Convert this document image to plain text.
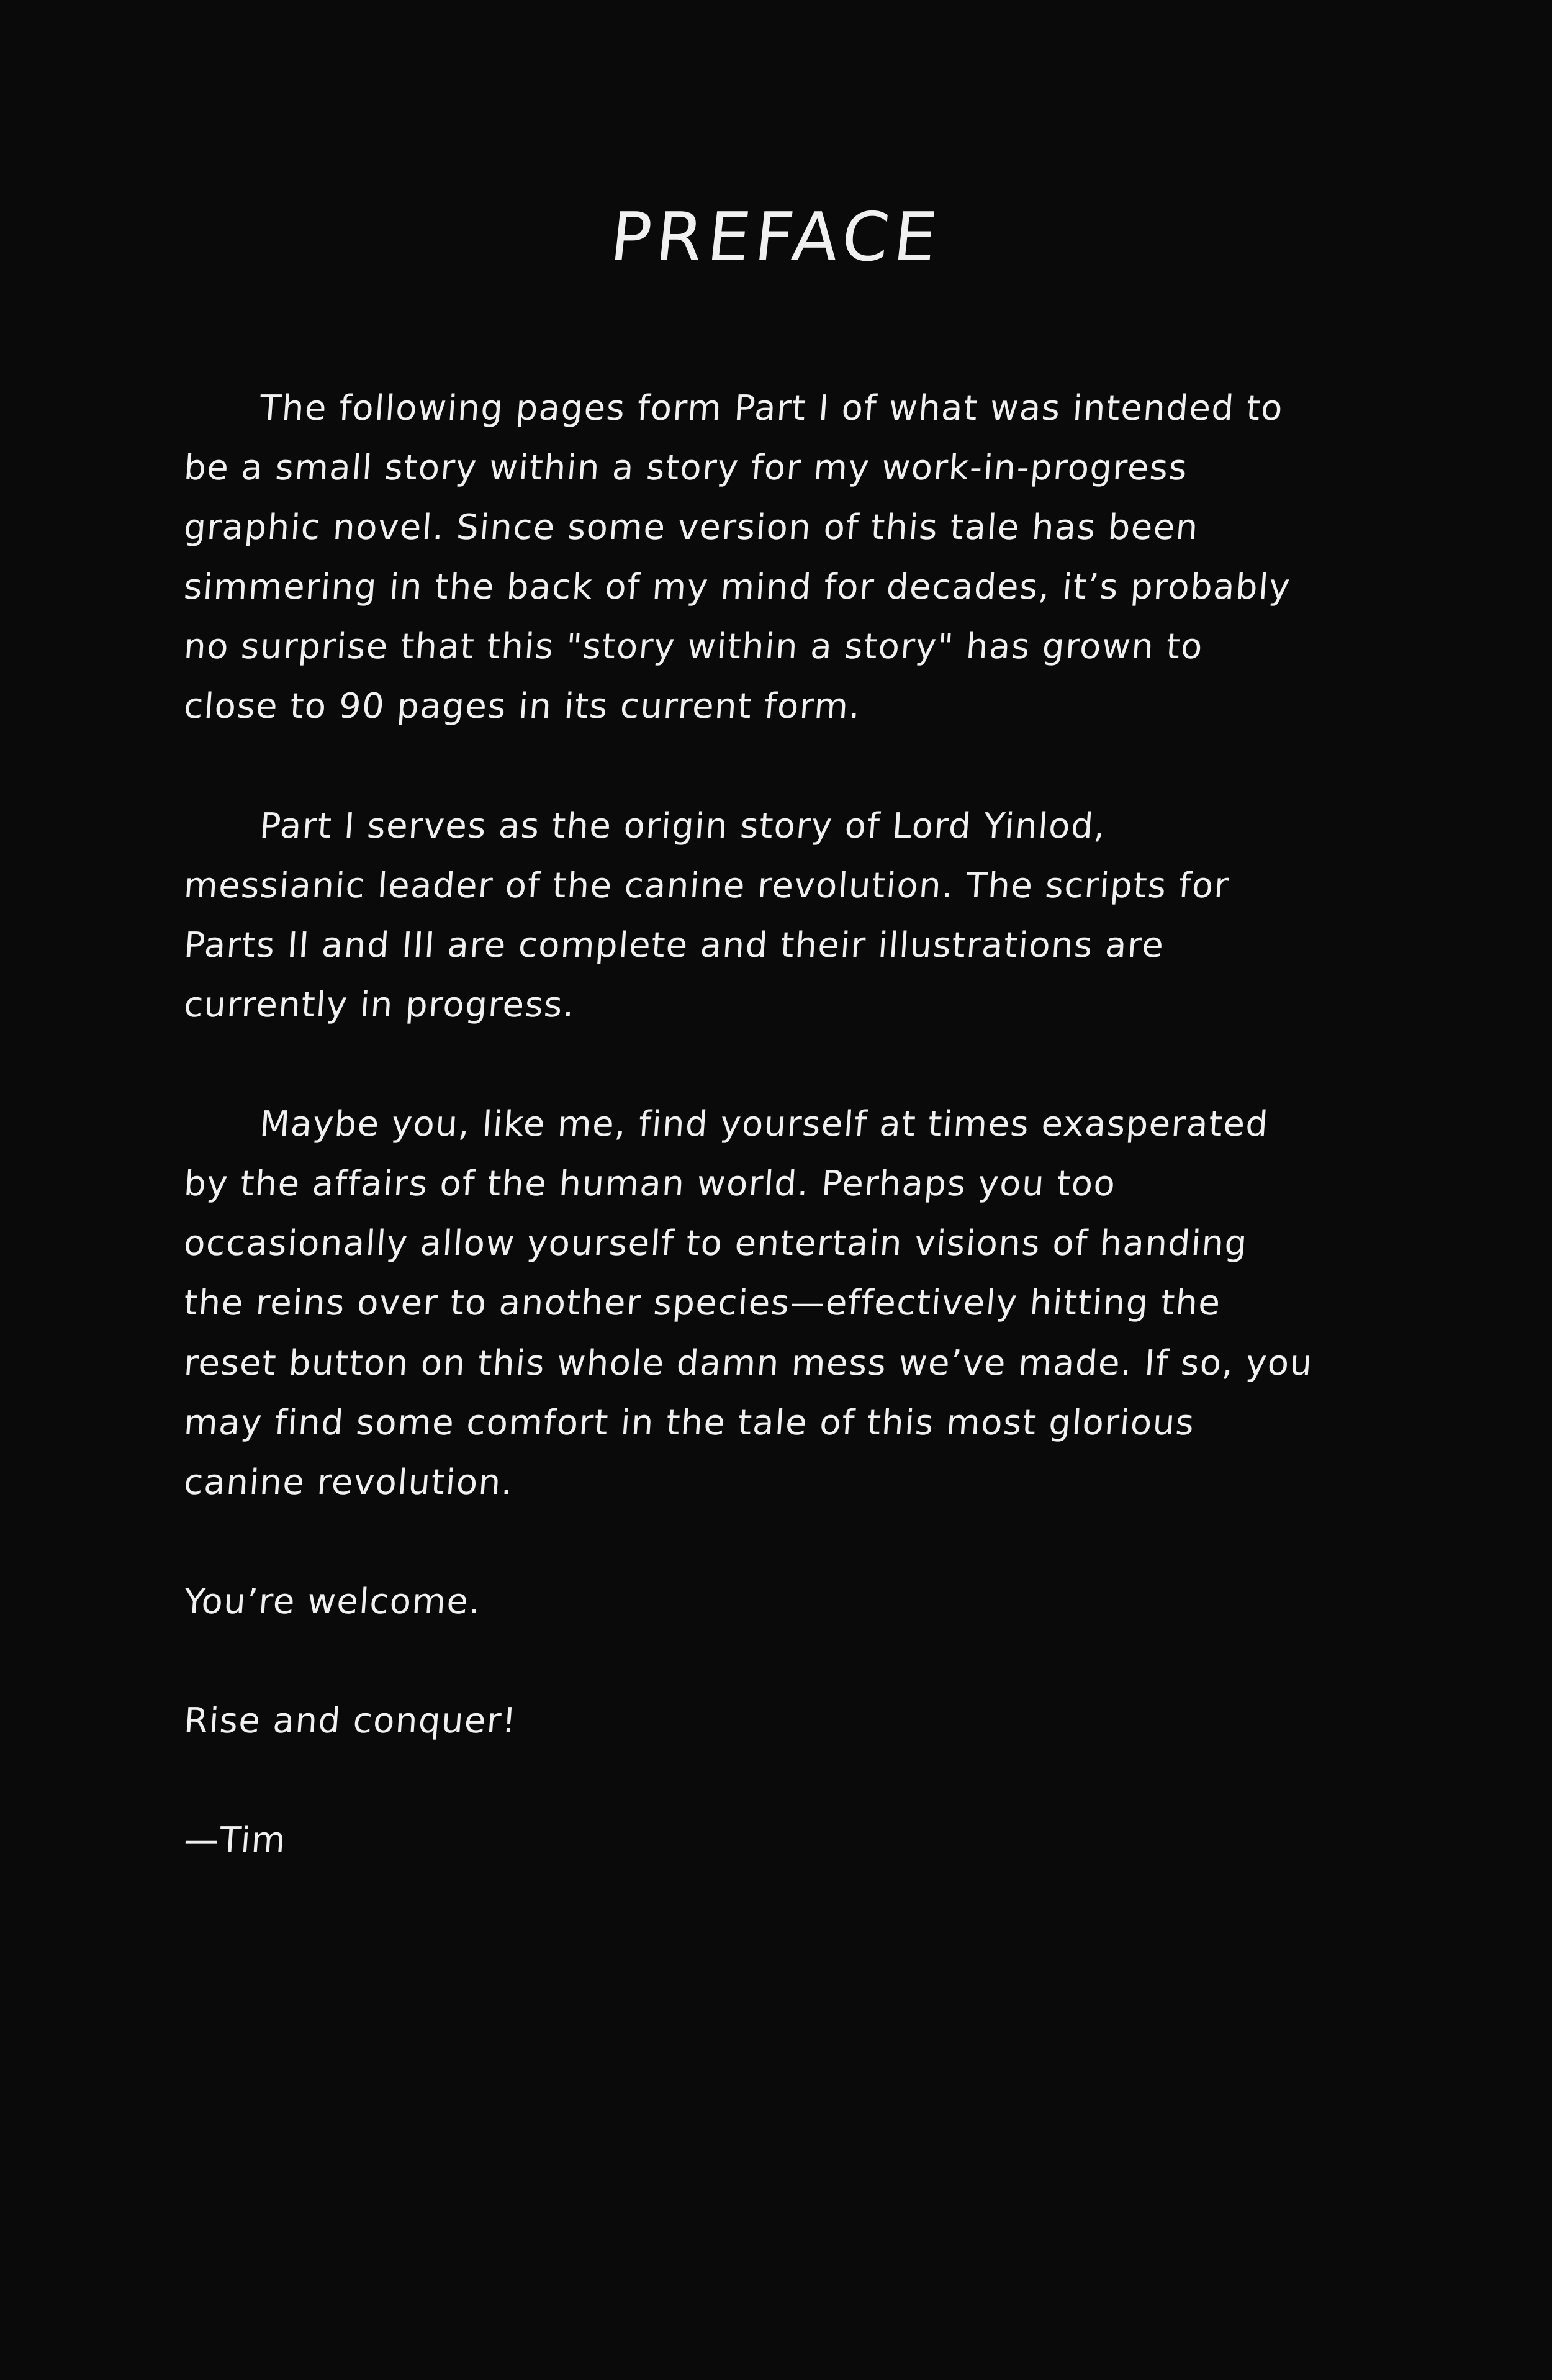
PREFACE
The following pages form Part I of what was intended to
be a small story within a story for my work-in-progress
graphic novel. Since some version of this tale has been
simmering in the back of my mind for decades, it’s probably
no surprise that this "story within a story" has grown to
close to 90 pages in its current form.
Part I serves as the origin story of Lord Yinlod,
messianic leader of the canine revolution. The scripts for
Parts II and III are complete and their illustrations are
currently in progress.
Maybe you, like me, find yourself at times exasperated
by the affairs of the human world. Perhaps you too
occasionally allow yourself to entertain visions of handing
the reins over to another species—effectively hitting the
reset button on this whole damn mess we’ve made. If so, you
may find some comfort in the tale of this most glorious
canine revolution.
You’re welcome.
Rise and conquer!
—Tim
